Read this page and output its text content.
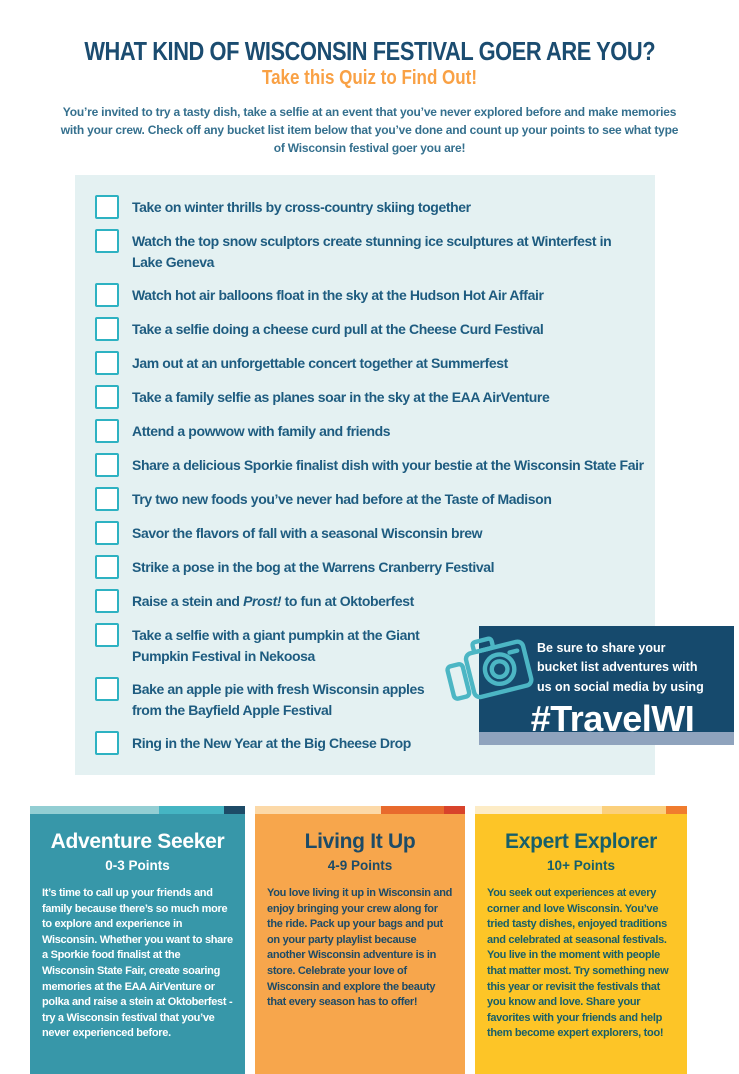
WHAT KIND OF WISCONSIN FESTIVAL GOER ARE YOU?
Take this Quiz to Find Out!
You’re invited to try a tasty dish, take a selfie at an event that you’ve never explored before and make memories with your crew. Check off any bucket list item below that you’ve done and count up your points to see what type of Wisconsin festival goer you are!
Take on winter thrills by cross-country skiing together
Watch the top snow sculptors create stunning ice sculptures at Winterfest in Lake Geneva
Watch hot air balloons float in the sky at the Hudson Hot Air Affair
Take a selfie doing a cheese curd pull at the Cheese Curd Festival
Jam out at an unforgettable concert together at Summerfest
Take a family selfie as planes soar in the sky at the EAA AirVenture
Attend a powwow with family and friends
Share a delicious Sporkie finalist dish with your bestie at the Wisconsin State Fair
Try two new foods you’ve never had before at the Taste of Madison
Savor the flavors of fall with a seasonal Wisconsin brew
Strike a pose in the bog at the Warrens Cranberry Festival
Raise a stein and Prost! to fun at Oktoberfest
Take a selfie with a giant pumpkin at the Giant Pumpkin Festival in Nekoosa
Bake an apple pie with fresh Wisconsin apples from the Bayfield Apple Festival
Ring in the New Year at the Big Cheese Drop
Be sure to share your
bucket list adventures with
us on social media by using
#TravelWI
Adventure Seeker
0-3 Points
It’s time to call up your friends and family because there’s so much more to explore and experience in Wisconsin. Whether you want to share a Sporkie food finalist at the Wisconsin State Fair, create soaring memories at the EAA AirVenture or polka and raise a stein at Oktoberfest - try a Wisconsin festival that you’ve never experienced before.
Living It Up
4-9 Points
You love living it up in Wisconsin and enjoy bringing your crew along for the ride. Pack up your bags and put on your party playlist because another Wisconsin adventure is in store. Celebrate your love of Wisconsin and explore the beauty that every season has to offer!
Expert Explorer
10+ Points
You seek out experiences at every corner and love Wisconsin. You’ve tried tasty dishes, enjoyed traditions and celebrated at seasonal festivals. You live in the moment with people that matter most. Try something new this year or revisit the festivals that you know and love. Share your favorites with your friends and help them become expert explorers, too!
